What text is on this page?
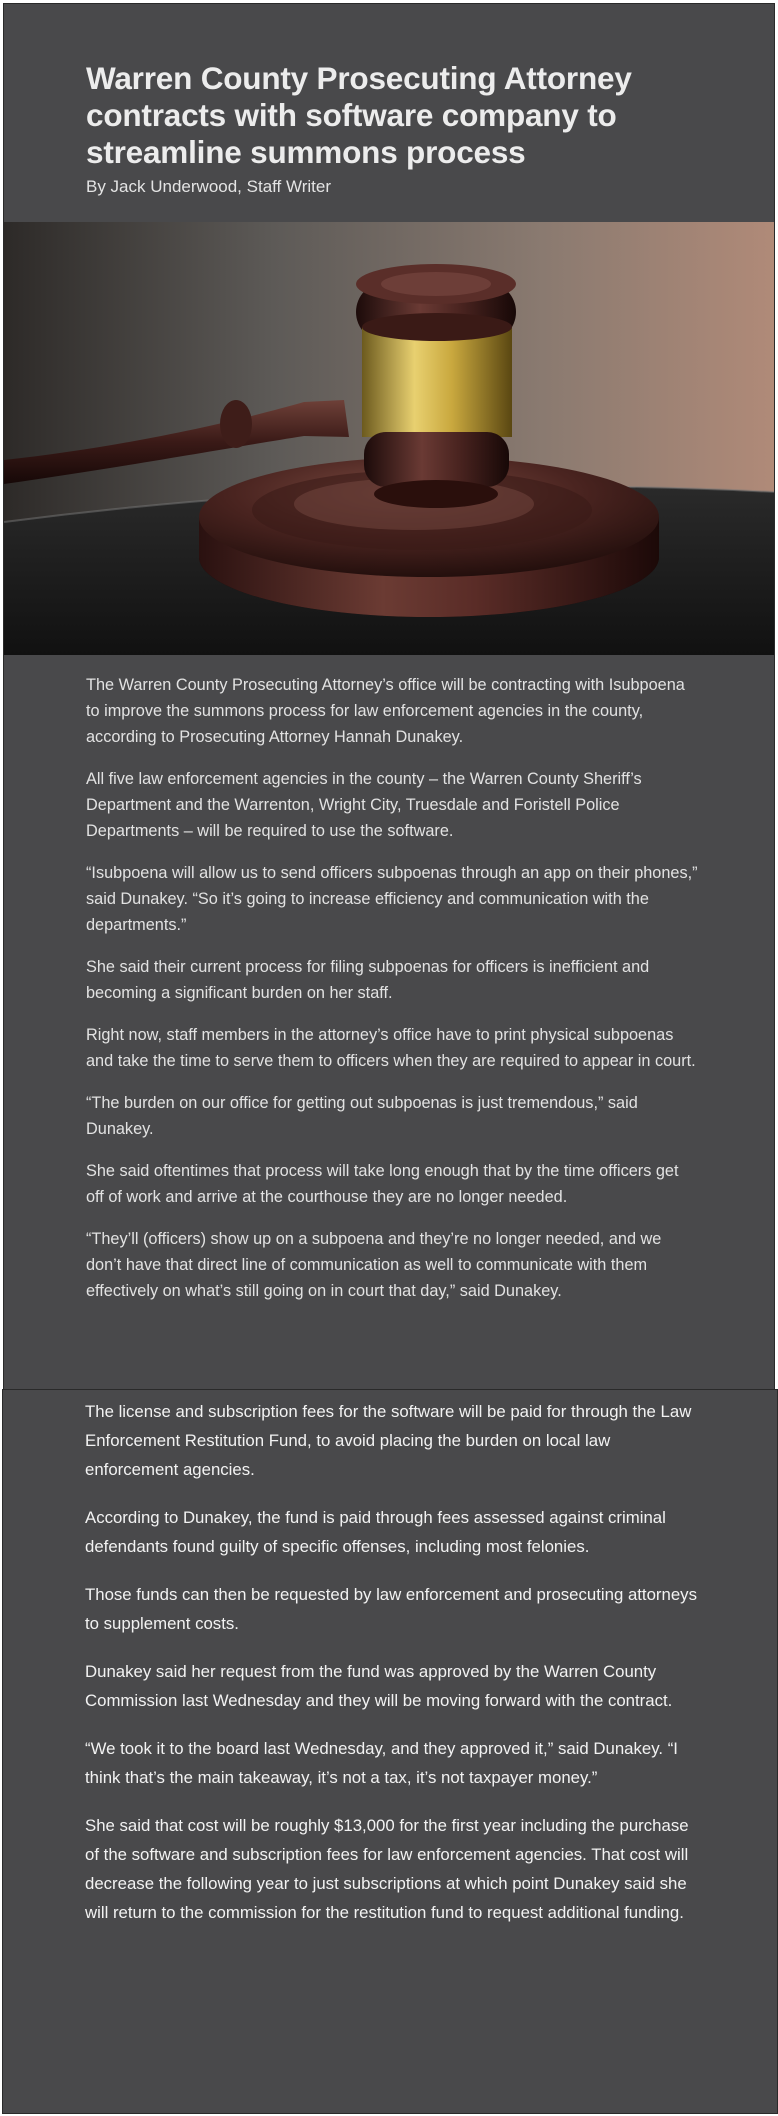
Warren County Prosecuting Attorney contracts with software company to streamline summons process

By Jack Underwood, Staff Writer

The Warren County Prosecuting Attorney’s office will be contracting with Isubpoena to improve the summons process for law enforcement agencies in the county, according to Prosecuting Attorney Hannah Dunakey.

All five law enforcement agencies in the county – the Warren County Sheriff’s Department and the Warrenton, Wright City, Truesdale and Foristell Police Departments – will be required to use the software.

“Isubpoena will allow us to send officers subpoenas through an app on their phones,” said Dunakey. “So it’s going to increase efficiency and communication with the departments.”

She said their current process for filing subpoenas for officers is inefficient and becoming a significant burden on her staff.

Right now, staff members in the attorney’s office have to print physical subpoenas and take the time to serve them to officers when they are required to appear in court.

“The burden on our office for getting out subpoenas is just tremendous,” said Dunakey.

She said oftentimes that process will take long enough that by the time officers get off of work and arrive at the courthouse they are no longer needed.

“They’ll (officers) show up on a subpoena and they’re no longer needed, and we don’t have that direct line of communication as well to communicate with them effectively on what’s still going on in court that day,” said Dunakey.

The license and subscription fees for the software will be paid for through the Law Enforcement Restitution Fund, to avoid placing the burden on local law enforcement agencies.

According to Dunakey, the fund is paid through fees assessed against criminal defendants found guilty of specific offenses, including most felonies.

Those funds can then be requested by law enforcement and prosecuting attorneys to supplement costs.

Dunakey said her request from the fund was approved by the Warren County Commission last Wednesday and they will be moving forward with the contract.

“We took it to the board last Wednesday, and they approved it,” said Dunakey. “I think that’s the main takeaway, it’s not a tax, it’s not taxpayer money.”

She said that cost will be roughly $13,000 for the first year including the purchase of the software and subscription fees for law enforcement agencies. That cost will decrease the following year to just subscriptions at which point Dunakey said she will return to the commission for the restitution fund to request additional funding.
